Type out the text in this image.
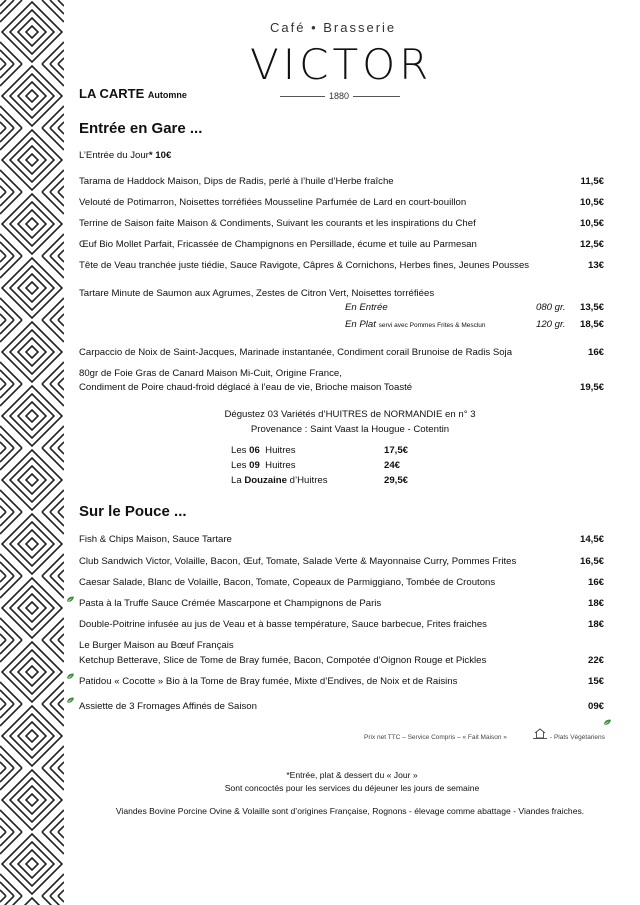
Café • Brasserie
VICTOR
1880
LA CARTE Automne
Entrée en Gare ...
L’Entrée du Jour* 10€
Tarama de Haddock Maison, Dips de Radis, perlé à l’huile d’Herbe fraîche	11,5€
Velouté de Potimarron, Noisettes torréfiées Mousseline Parfumée de Lard en court-bouillon	10,5€
Terrine de Saison faite Maison & Condiments, Suivant les courants et les inspirations du Chef	10,5€
Œuf Bio Mollet Parfait, Fricassée de Champignons en Persillade, écume et tuile au Parmesan	12,5€
Tête de Veau tranchée juste tiédie, Sauce Ravigote, Câpres & Cornichons, Herbes fines, Jeunes Pousses	13€
Tartare Minute de Saumon aux Agrumes, Zestes de Citron Vert, Noisettes torréfiées
En Entrée	080 gr. 13,5€
En Plat servi avec Pommes Frites & Mesclun	120 gr. 18,5€
Carpaccio de Noix de Saint-Jacques, Marinade instantanée, Condiment corail Brunoise de Radis Soja	16€
80gr de Foie Gras de Canard Maison Mi-Cuit, Origine France,
Condiment de Poire chaud-froid déglacé à l’eau de vie, Brioche maison Toasté	19,5€
Dégustez 03 Variétés d’HUITRES de NORMANDIE en n° 3
Provenance : Saint Vaast la Hougue - Cotentin
Les 06  Huitres	17,5€
Les 09  Huitres	24€
La Douzaine d’Huitres	29,5€
Sur le Pouce ...
Fish & Chips Maison, Sauce Tartare	14,5€
Club Sandwich Victor, Volaille, Bacon, Œuf, Tomate, Salade Verte & Mayonnaise Curry, Pommes Frites	16,5€
Caesar Salade, Blanc de Volaille, Bacon, Tomate, Copeaux de Parmiggiano, Tombée de Croutons	16€
Pasta à la Truffe Sauce Crémée Mascarpone et Champignons de Paris	18€
Double-Poitrine infusée au jus de Veau et à basse température, Sauce barbecue, Frites fraiches	18€
Le Burger Maison au Bœuf Français
Ketchup Betterave, Slice de Tome de Bray fumée, Bacon, Compotée d’Oignon Rouge et Pickles	22€
Patidou « Cocotte » Bio à la Tome de Bray fumée, Mixte d’Endives, de Noix et de Raisins	15€
Assiette de 3 Fromages Affinés de Saison	09€
Prix net TTC – Service Compris – « Fait Maison »	- Plats Végétariens
*Entrée, plat & dessert du « Jour »
Sont concoctés pour les services du déjeuner les jours de semaine
Viandes Bovine Porcine Ovine & Volaille sont d’origines Française, Rognons - élevage comme abattage - Viandes fraiches.
